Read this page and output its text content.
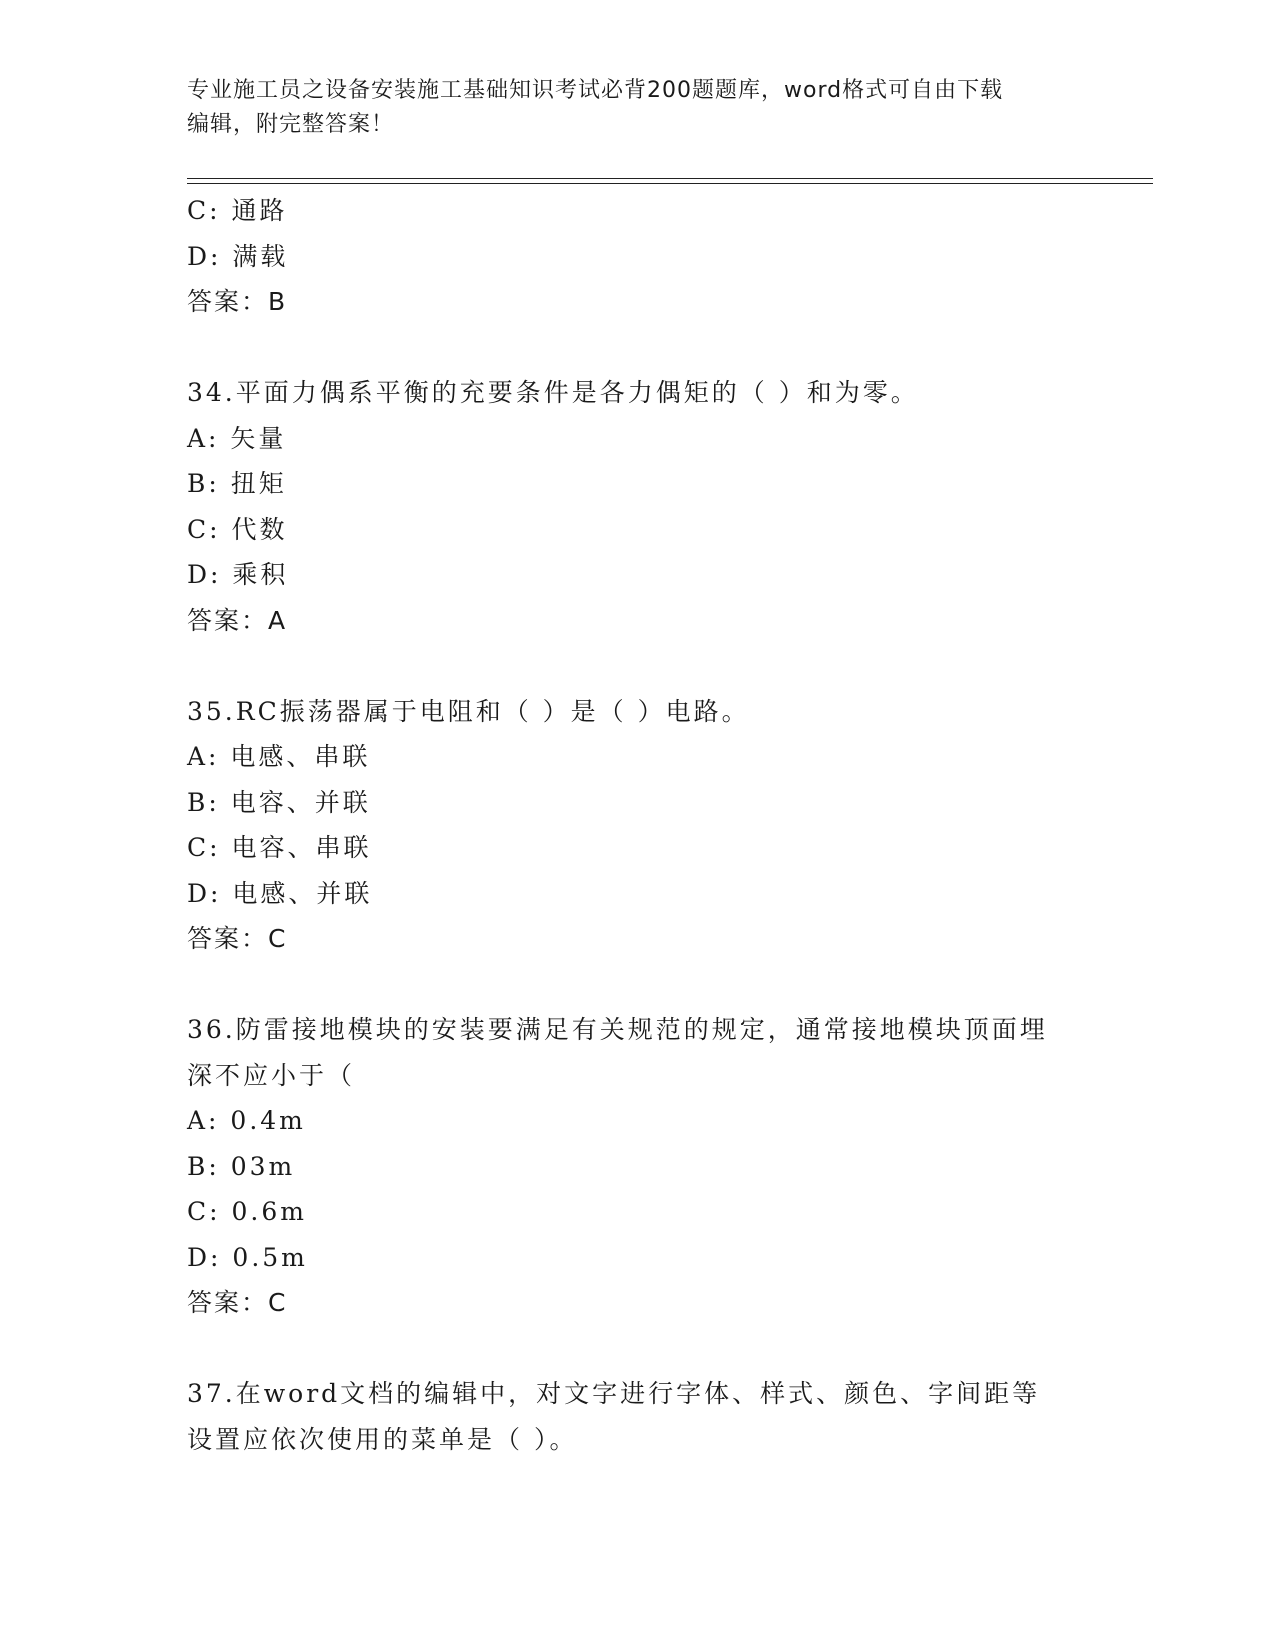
专业施工员之设备安装施工基础知识考试必背200题题库，word格式可自由下载
编辑，附完整答案！
C: 通路
D: 满载
答案：B
34.平面力偶系平衡的充要条件是各力偶矩的（ ）和为零。
A: 矢量
B: 扭矩
C: 代数
D: 乘积
答案：A
35.RC振荡器属于电阻和（ ）是（ ）电路。
A: 电感、串联
B: 电容、并联
C: 电容、串联
D: 电感、并联
答案：C
36.防雷接地模块的安装要满足有关规范的规定，通常接地模块顶面埋
深不应小于（
A: 0.4m
B: 03m
C: 0.6m
D: 0.5m
答案：C
37.在word文档的编辑中，对文字进行字体、样式、颜色、字间距等
设置应依次使用的菜单是（ ）。
